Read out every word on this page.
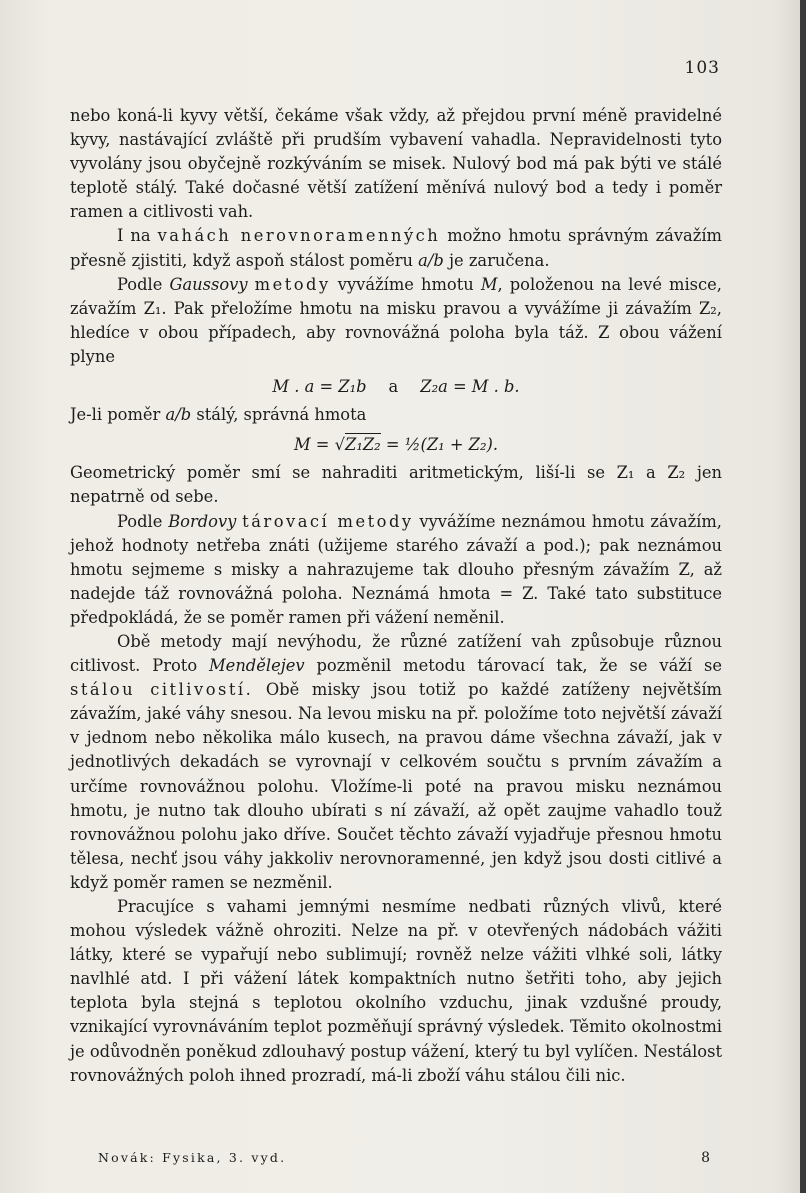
103

nebo koná-li kyvy větší, čekáme však vždy, až přejdou první méně pravidelné kyvy, nastávající zvláště při prudším vybavení vahadla. Nepravidelnosti tyto vyvolány jsou obyčejně rozkýváním se misek. Nulový bod má pak býti ve stálé teplotě stálý. Také dočasné větší zatížení měnívá nulový bod a tedy i poměr ramen a citlivosti vah.

I na vahách nerovnoramenných možno hmotu správným závažím přesně zjistiti, když aspoň stálost poměru a/b je zaručena.

Podle Gaussovy metody vyvážíme hmotu M, položenou na levé misce, závažím Z₁. Pak přeložíme hmotu na misku pravou a vyvážíme ji závažím Z₂, hledíce v obou případech, aby rovnovážná poloha byla táž. Z obou vážení plyne

M . a = Z₁b a Z₂a = M . b.

Je-li poměr a/b stálý, správná hmota

M = √Z₁Z₂ = ½(Z₁ + Z₂).

Geometrický poměr smí se nahraditi aritmetickým, liší-li se Z₁ a Z₂ jen nepatrně od sebe.

Podle Bordovy tárovací metody vyvážíme neznámou hmotu závažím, jehož hodnoty netřeba znáti (užijeme starého závaží a pod.); pak neznámou hmotu sejmeme s misky a nahrazujeme tak dlouho přesným závažím Z, až nadejde táž rovnovážná poloha. Neznámá hmota = Z. Také tato substituce předpokládá, že se poměr ramen při vážení neměnil.

Obě metody mají nevýhodu, že různé zatížení vah způsobuje různou citlivost. Proto Mendělejev pozměnil metodu tárovací tak, že se váží se stálou citlivostí. Obě misky jsou totiž po každé zatíženy největším závažím, jaké váhy snesou. Na levou misku na př. položíme toto největší závaží v jednom nebo několika málo kusech, na pravou dáme všechna závaží, jak v jednotlivých dekadách se vyrovnají v celkovém součtu s prvním závažím a určíme rovnovážnou polohu. Vložíme-li poté na pravou misku neznámou hmotu, je nutno tak dlouho ubírati s ní závaží, až opět zaujme vahadlo touž rovnovážnou polohu jako dříve. Součet těchto závaží vyjadřuje přesnou hmotu tělesa, nechť jsou váhy jakkoliv nerovnoramenné, jen když jsou dosti citlivé a když poměr ramen se nezměnil.

Pracujíce s vahami jemnými nesmíme nedbati různých vlivů, které mohou výsledek vážně ohroziti. Nelze na př. v otevřených nádobách vážiti látky, které se vypařují nebo sublimují; rovněž nelze vážiti vlhké soli, látky navlhlé atd. I při vážení látek kompaktních nutno šetřiti toho, aby jejich teplota byla stejná s teplotou okolního vzduchu, jinak vzdušné proudy, vznikající vyrovnáváním teplot pozměňují správný výsledek. Těmito okolnostmi je odůvodněn poněkud zdlouhavý postup vážení, který tu byl vylíčen. Nestálost rovnovážných poloh ihned prozradí, má-li zboží váhu stálou čili nic.

Novák: Fysika, 3. vyd.	8
